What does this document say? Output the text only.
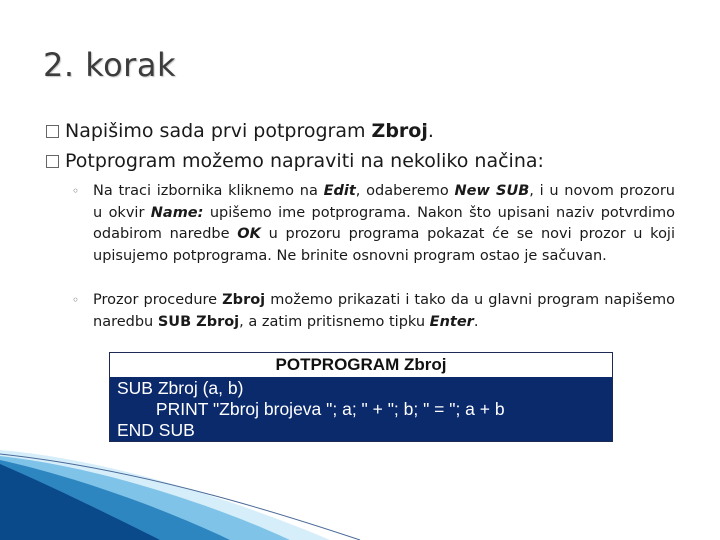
2. korak
Napišimo sada prvi potprogram Zbroj.
Potprogram možemo napraviti na nekoliko načina:
◦ Na traci izbornika kliknemo na Edit, odaberemo New SUB, i u novom prozoru u okvir Name: upišemo ime potprograma. Nakon što upisani naziv potvrdimo odabirom naredbe OK u prozoru programa pokazat će se novi prozor u koji upisujemo potprograma. Ne brinite osnovni program ostao je sačuvan.
◦ Prozor procedure Zbroj možemo prikazati i tako da u glavni program napišemo naredbu SUB Zbroj, a zatim pritisnemo tipku Enter.
POTPROGRAM Zbroj
SUB Zbroj (a, b)
PRINT "Zbroj brojeva "; a; " + "; b; " = "; a + b
END SUB
